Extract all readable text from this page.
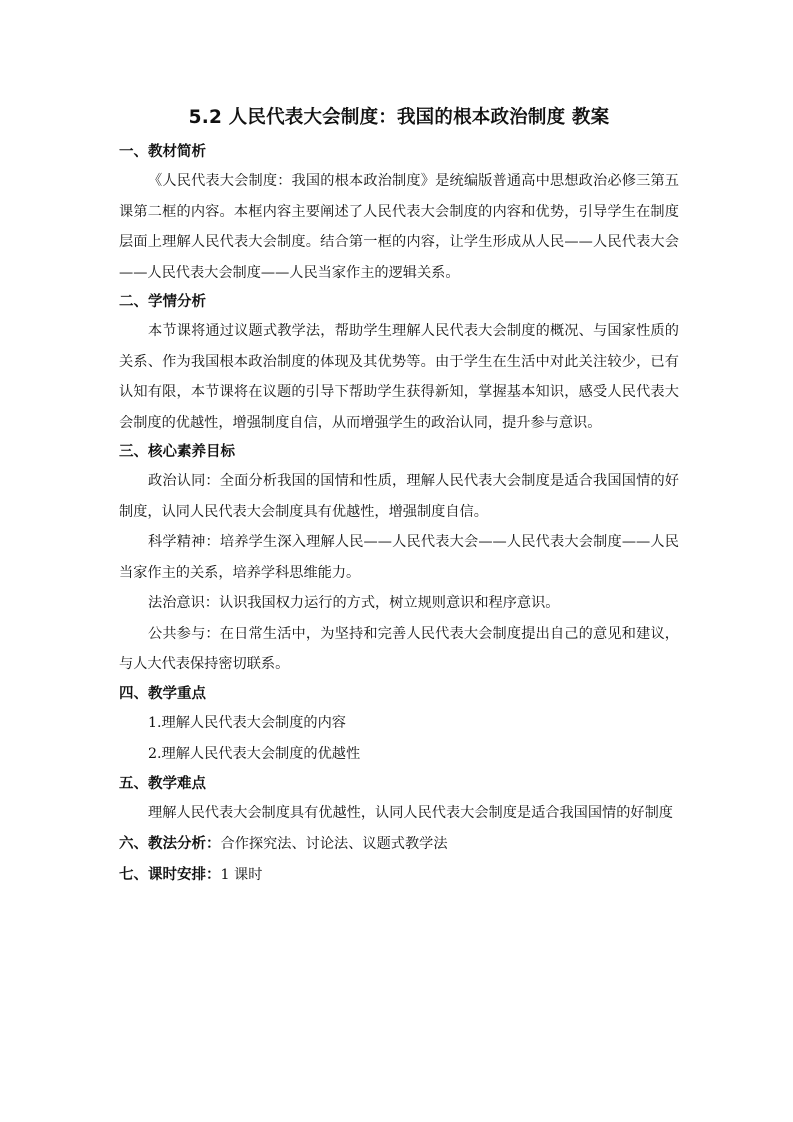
5.2 人民代表大会制度：我国的根本政治制度 教案
一、教材简析

《人民代表大会制度：我国的根本政治制度》是统编版普通高中思想政治必修三第五课第二框的内容。本框内容主要阐述了人民代表大会制度的内容和优势，引导学生在制度层面上理解人民代表大会制度。结合第一框的内容，让学生形成从人民——人民代表大会——人民代表大会制度——人民当家作主的逻辑关系。

二、学情分析

本节课将通过议题式教学法，帮助学生理解人民代表大会制度的概况、与国家性质的关系、作为我国根本政治制度的体现及其优势等。由于学生在生活中对此关注较少，已有认知有限，本节课将在议题的引导下帮助学生获得新知，掌握基本知识，感受人民代表大会制度的优越性，增强制度自信，从而增强学生的政治认同，提升参与意识。

三、核心素养目标

政治认同：全面分析我国的国情和性质，理解人民代表大会制度是适合我国国情的好制度，认同人民代表大会制度具有优越性，增强制度自信。

科学精神：培养学生深入理解人民——人民代表大会——人民代表大会制度——人民当家作主的关系，培养学科思维能力。

法治意识：认识我国权力运行的方式，树立规则意识和程序意识。

公共参与：在日常生活中，为坚持和完善人民代表大会制度提出自己的意见和建议，与人大代表保持密切联系。

四、教学重点

1.理解人民代表大会制度的内容

2.理解人民代表大会制度的优越性

五、教学难点

理解人民代表大会制度具有优越性，认同人民代表大会制度是适合我国国情的好制度

六、教法分析：合作探究法、讨论法、议题式教学法
七、课时安排：1 课时
